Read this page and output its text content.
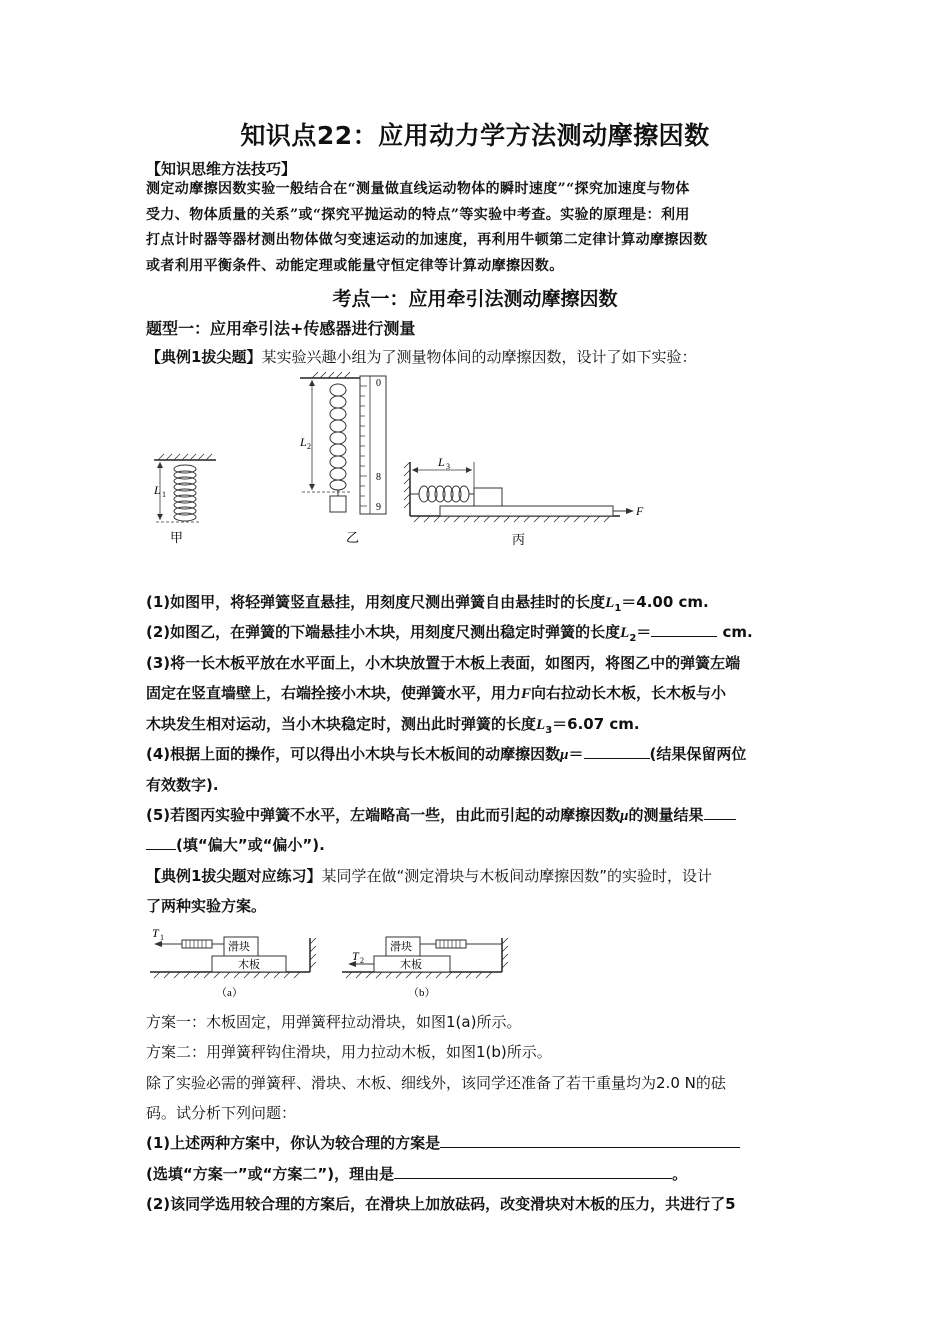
知识点22：应用动力学方法测动摩擦因数
【知识思维方法技巧】
测定动摩擦因数实验一般结合在“测量做直线运动物体的瞬时速度”“探究加速度与物体
受力、物体质量的关系”或“探究平抛运动的特点”等实验中考查。实验的原理是：利用
打点计时器等器材测出物体做匀变速运动的加速度，再利用牛顿第二定律计算动摩擦因数
或者利用平衡条件、动能定理或能量守恒定律等计算动摩擦因数。
考点一：应用牵引法测动摩擦因数
题型一：应用牵引法+传感器进行测量
【典例1拔尖题】某实验兴趣小组为了测量物体间的动摩擦因数，设计了如下实验：
L 1
甲
L 2
0
8
9
乙
L 3
F
丙
(1)如图甲，将轻弹簧竖直悬挂，用刻度尺测出弹簧自由悬挂时的长度$L_1=4.00$ cm.
(2)如图乙，在弹簧的下端悬挂小木块，用刻度尺测出稳定时弹簧的长度$L_2=$	cm.
(3)将一长木板平放在水平面上，小木块放置于木板上表面，如图丙，将图乙中的弹簧左端
固定在竖直墙壁上，右端拴接小木块，使弹簧水平，用力F向右拉动长木板，长木板与小
木块发生相对运动，当小木块稳定时，测出此时弹簧的长度$L_3=6.07$ cm.
(4)根据上面的操作，可以得出小木块与长木板间的动摩擦因数μ＝	(结果保留两位
有效数字).
(5)若图丙实验中弹簧不水平，左端略高一些，由此而引起的动摩擦因数μ的测量结果
(填“偏大”或“偏小”).
【典例1拔尖题对应练习】某同学在做“测定滑块与木板间动摩擦因数”的实验时，设计
了两种实验方案。
木板
滑块
T 1
（a）
木板
滑块
T 2
（b）
方案一：木板固定，用弹簧秤拉动滑块，如图1(a)所示。
方案二：用弹簧秤钩住滑块，用力拉动木板，如图1(b)所示。
除了实验必需的弹簧秤、滑块、木板、细线外，该同学还准备了若干重量均为2.0 N的砝
码。试分析下列问题：
(1)上述两种方案中，你认为较合理的方案是
(选填“方案一”或“方案二”)，理由是	。
(2)该同学选用较合理的方案后，在滑块上加放砝码，改变滑块对木板的压力，共进行了5
